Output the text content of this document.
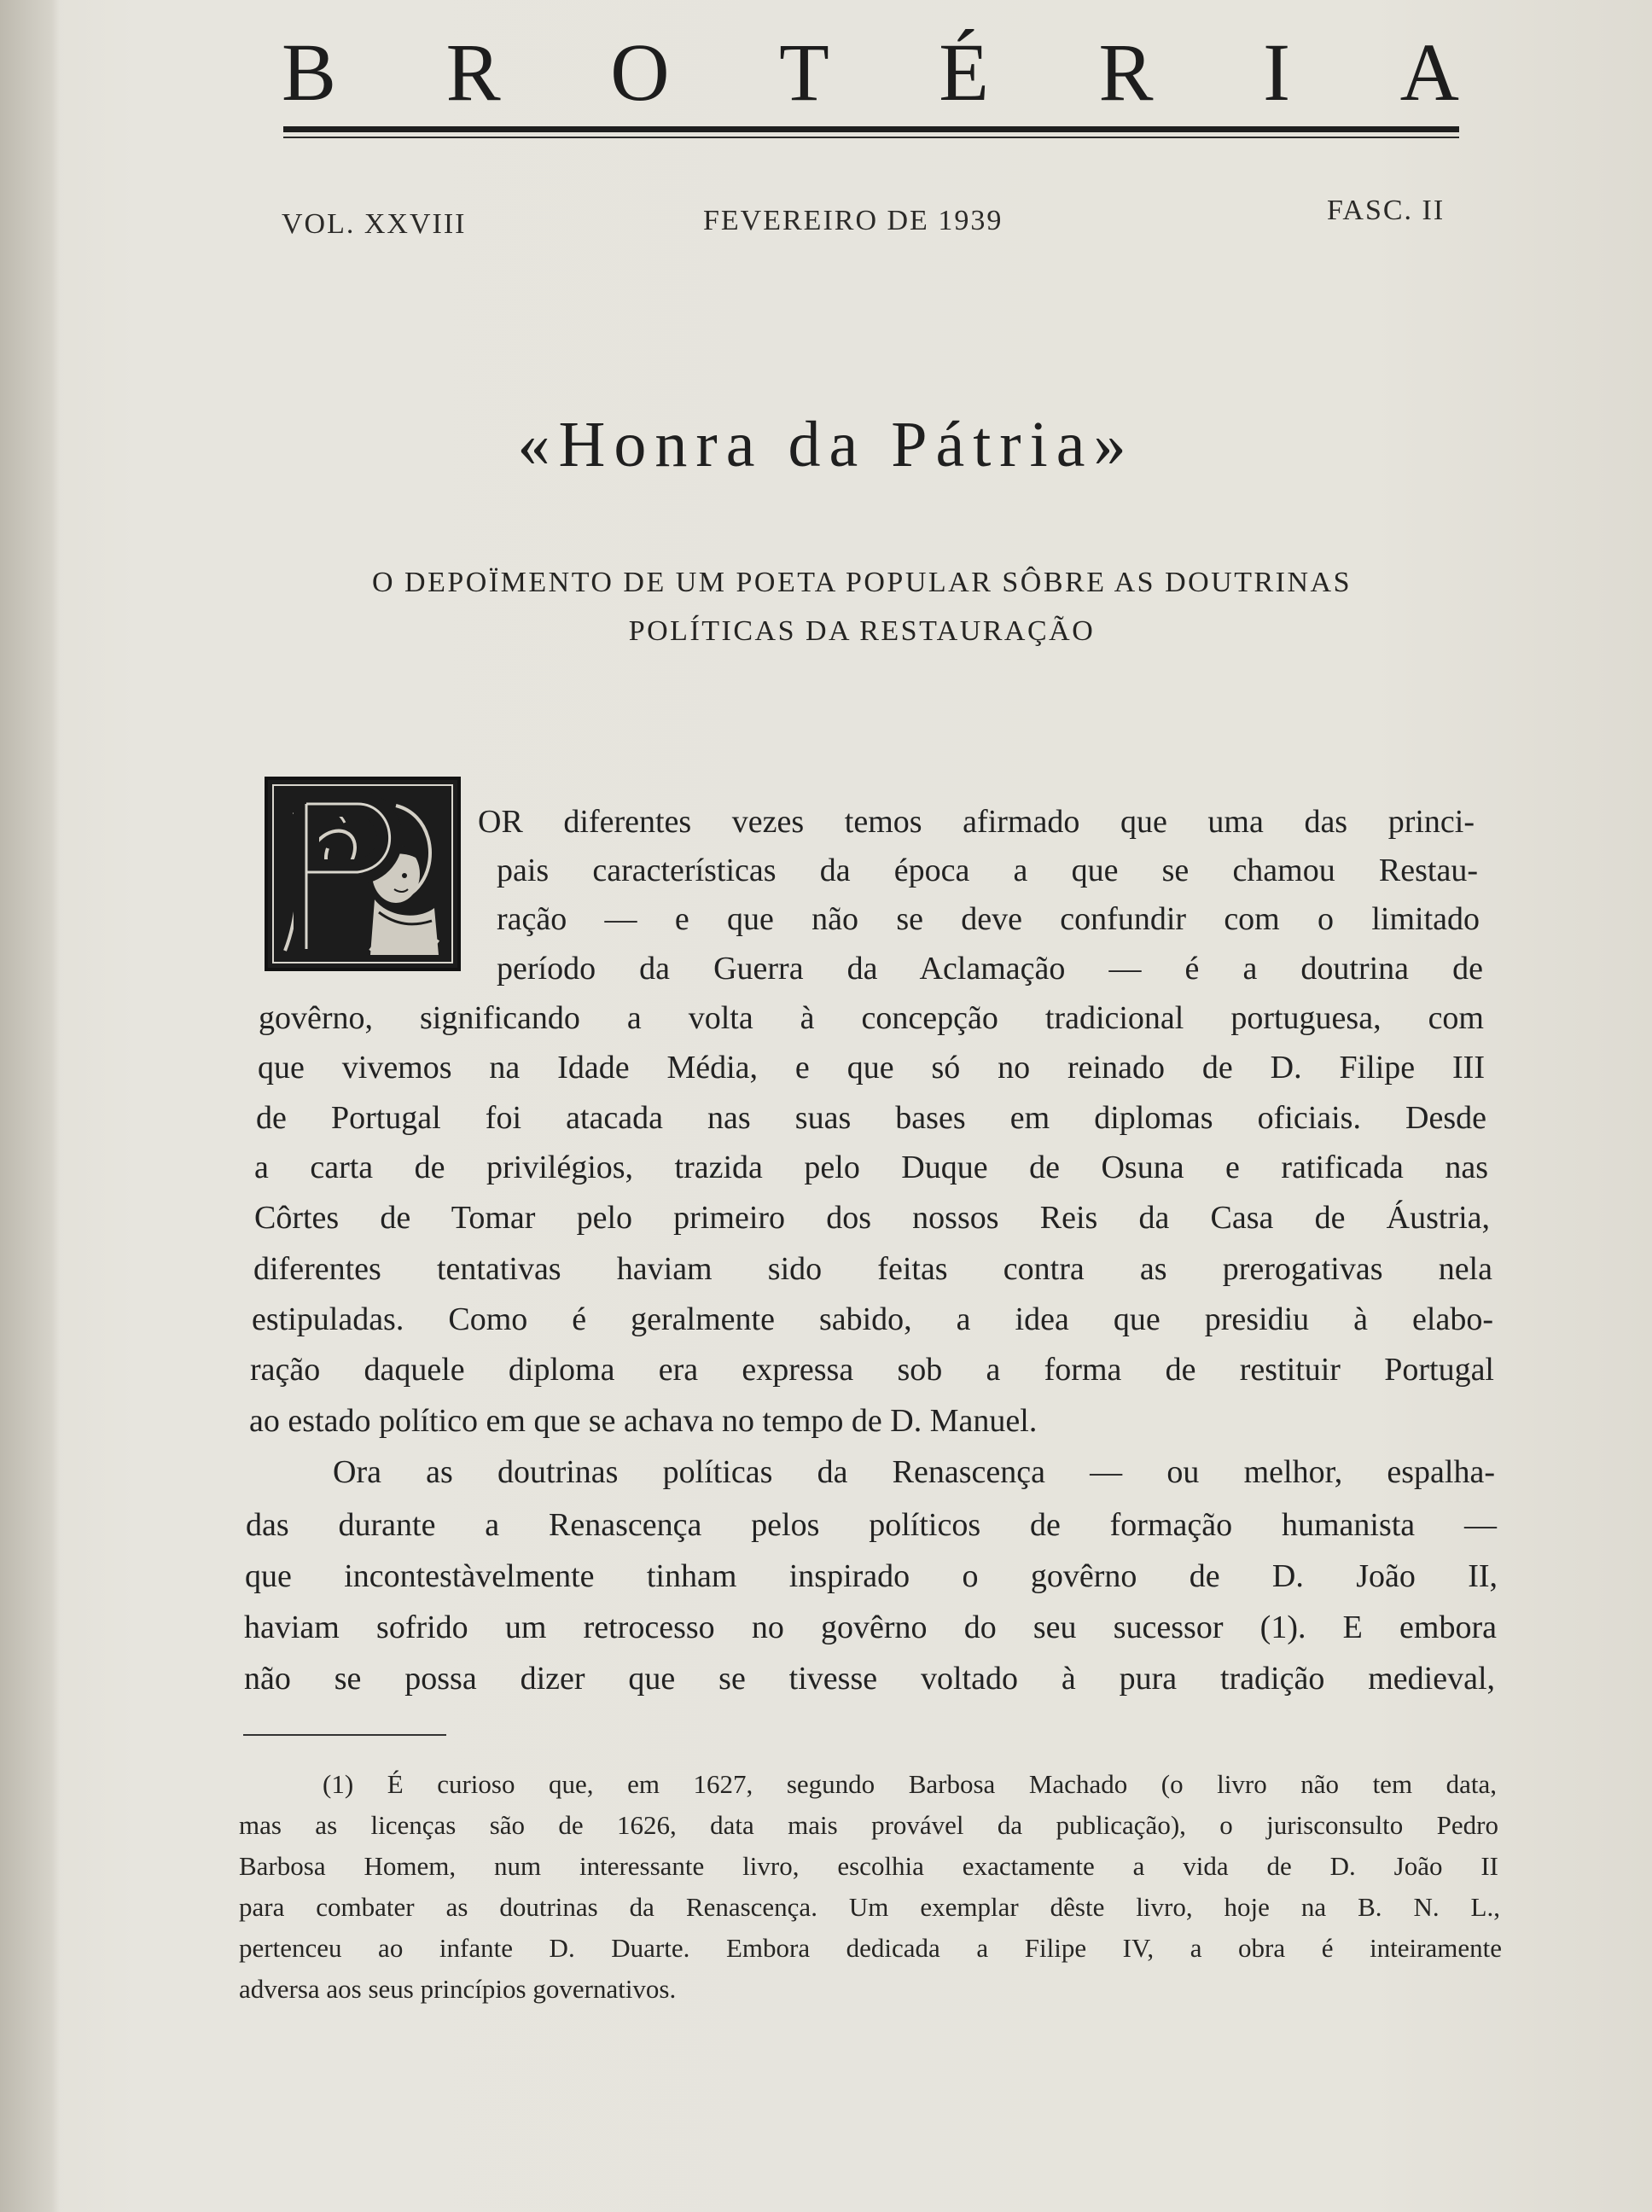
B R O T É R I A
VOL. XXVIII	FEVEREIRO DE 1939	FASC. II
«Honra da Pátria»
O DEPOÏMENTO DE UM POETA POPULAR SÔBRE AS DOUTRINAS
POLÍTICAS DA RESTAURAÇÃO
OR diferentes vezes temos afirmado que uma das princi-
pais características da época a que se chamou Restau-
ração — e que não se deve confundir com o limitado
período da Guerra da Aclamação — é a doutrina de
govêrno, significando a volta à concepção tradicional portuguesa, com
que vivemos na Idade Média, e que só no reinado de D. Filipe III
de Portugal foi atacada nas suas bases em diplomas oficiais. Desde
a carta de privilégios, trazida pelo Duque de Osuna e ratificada nas
Côrtes de Tomar pelo primeiro dos nossos Reis da Casa de Áustria,
diferentes tentativas haviam sido feitas contra as prerogativas nela
estipuladas. Como é geralmente sabido, a idea que presidiu à elabo-
ração daquele diploma era expressa sob a forma de restituir Portugal
ao estado político em que se achava no tempo de D. Manuel.
Ora as doutrinas políticas da Renascença — ou melhor, espalha-
das durante a Renascença pelos políticos de formação humanista —
que incontestàvelmente tinham inspirado o govêrno de D. João II,
haviam sofrido um retrocesso no govêrno do seu sucessor (1). E embora
não se possa dizer que se tivesse voltado à pura tradição medieval,
(1) É curioso que, em 1627, segundo Barbosa Machado (o livro não tem data,
mas as licenças são de 1626, data mais provável da publicação), o jurisconsulto Pedro
Barbosa Homem, num interessante livro, escolhia exactamente a vida de D. João II
para combater as doutrinas da Renascença. Um exemplar dêste livro, hoje na B. N. L.,
pertenceu ao infante D. Duarte. Embora dedicada a Filipe IV, a obra é inteiramente
adversa aos seus princípios governativos.
